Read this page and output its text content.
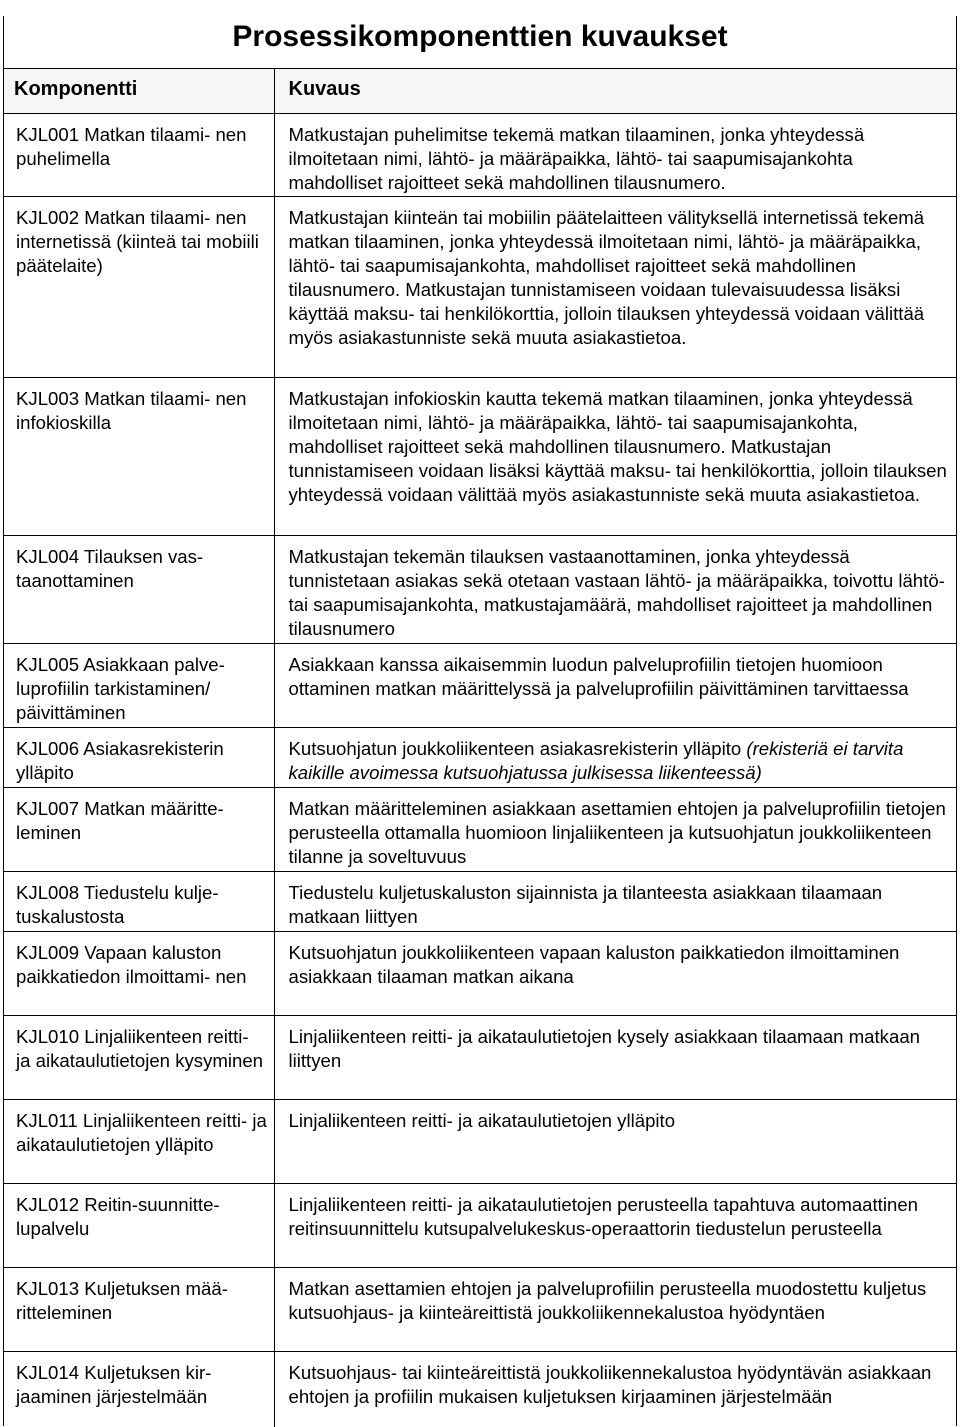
Prosessikomponenttien kuvaukset
Komponentti	Kuvaus
KJL001 Matkan tilaami- nen puhelimella	Matkustajan puhelimitse tekemä matkan tilaaminen, jonka yhteydessä ilmoitetaan nimi, lähtö- ja määräpaikka, lähtö- tai saapumisajankohta mahdolliset rajoitteet sekä mahdollinen tilausnumero.
KJL002 Matkan tilaami- nen internetissä (kiinteä tai mobiili päätelaite)	Matkustajan kiinteän tai mobiilin päätelaitteen välityksellä internetissä tekemä matkan tilaaminen, jonka yhteydessä ilmoitetaan nimi, lähtö- ja määräpaikka, lähtö- tai saapumisajankohta, mahdolliset rajoitteet sekä mahdollinen tilausnumero. Matkustajan tunnistamiseen voidaan tulevaisuudessa lisäksi käyttää maksu- tai henkilökorttia, jolloin tilauksen yhteydessä voidaan välittää myös asiakastunniste sekä muuta asiakastietoa.
KJL003 Matkan tilaami- nen infokioskilla	Matkustajan infokioskin kautta tekemä matkan tilaaminen, jonka yhteydessä ilmoitetaan nimi, lähtö- ja määräpaikka, lähtö- tai saapumisajankohta, mahdolliset rajoitteet sekä mahdollinen tilausnumero. Matkustajan tunnistamiseen voidaan lisäksi käyttää maksu- tai henkilökorttia, jolloin tilauksen yhteydessä voidaan välittää myös asiakastunniste sekä muuta asiakastietoa.
KJL004 Tilauksen vas- taanottaminen	Matkustajan tekemän tilauksen vastaanottaminen, jonka yhteydessä tunnistetaan asiakas sekä otetaan vastaan lähtö- ja määräpaikka, toivottu lähtö- tai saapumisajankohta, matkustajamäärä, mahdolliset rajoitteet ja mahdollinen tilausnumero
KJL005 Asiakkaan palve- luprofiilin tarkistaminen/ päivittäminen	Asiakkaan kanssa aikaisemmin luodun palveluprofiilin tietojen huomioon ottaminen matkan määrittelyssä ja palveluprofiilin päivittäminen tarvittaessa
KJL006 Asiakasrekisterin ylläpito	Kutsuohjatun joukkoliikenteen asiakasrekisterin ylläpito (rekisteriä ei tarvita kaikille avoimessa kutsuohjatussa julkisessa liikenteessä)
KJL007 Matkan määritte- leminen	Matkan määritteleminen asiakkaan asettamien ehtojen ja palveluprofiilin tietojen perusteella ottamalla huomioon linjaliikenteen ja kutsuohjatun joukkoliikenteen tilanne ja soveltuvuus
KJL008 Tiedustelu kulje- tuskalustosta	Tiedustelu kuljetuskaluston sijainnista ja tilanteesta asiakkaan tilaamaan matkaan liittyen
KJL009 Vapaan kaluston paikkatiedon ilmoittami- nen	Kutsuohjatun joukkoliikenteen vapaan kaluston paikkatiedon ilmoittaminen asiakkaan tilaaman matkan aikana
KJL010 Linjaliikenteen reitti- ja aikataulutietojen kysyminen	Linjaliikenteen reitti- ja aikataulutietojen kysely asiakkaan tilaamaan matkaan liittyen
KJL011 Linjaliikenteen reitti- ja aikataulutietojen ylläpito	Linjaliikenteen reitti- ja aikataulutietojen ylläpito
KJL012 Reitin-suunnitte- lupalvelu	Linjaliikenteen reitti- ja aikataulutietojen perusteella tapahtuva automaattinen reitinsuunnittelu kutsupalvelukeskus-operaattorin tiedustelun perusteella
KJL013 Kuljetuksen mää- ritteleminen	Matkan asettamien ehtojen ja palveluprofiilin perusteella muodostettu kuljetus kutsuohjaus- ja kiinteäreittistä joukkoliikennekalustoa hyödyntäen
KJL014 Kuljetuksen kir- jaaminen järjestelmään	Kutsuohjaus- tai kiinteäreittistä joukkoliikennekalustoa hyödyntävän asiakkaan ehtojen ja profiilin mukaisen kuljetuksen kirjaaminen järjestelmään
